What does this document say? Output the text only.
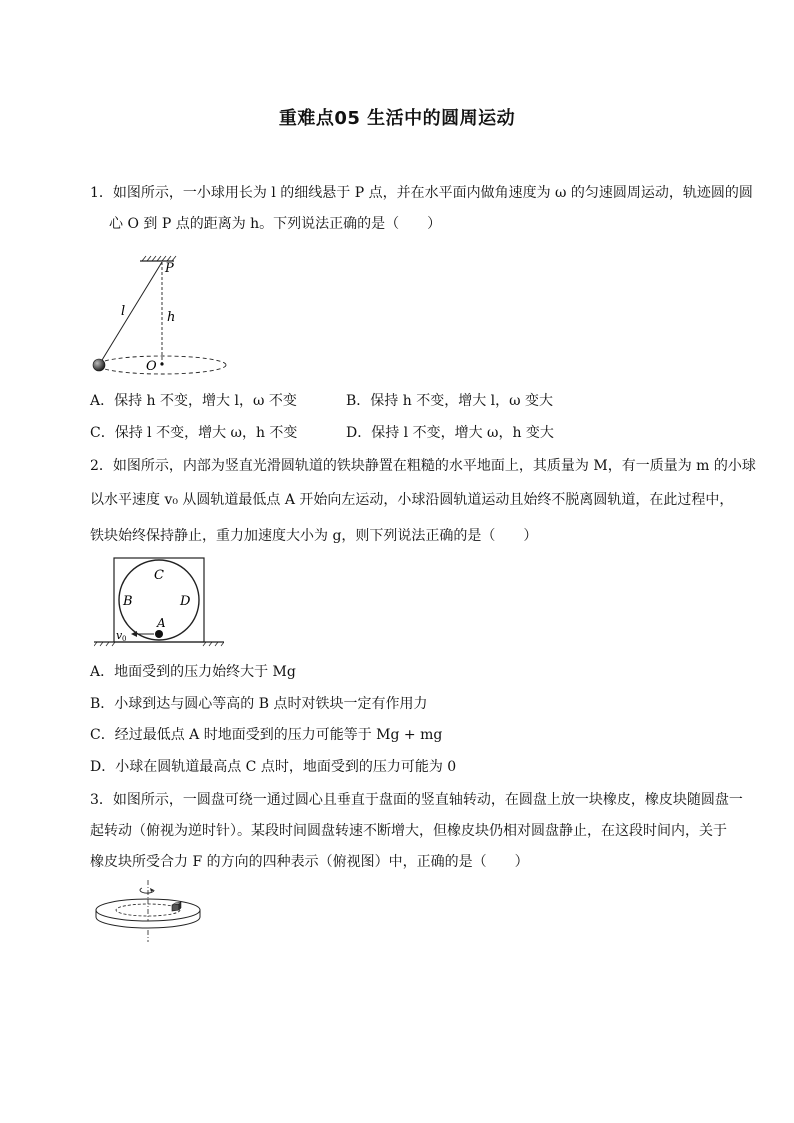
重难点05 生活中的圆周运动
1．如图所示，一小球用长为 l 的细线悬于 P 点，并在水平面内做角速度为 ω 的匀速圆周运动，轨迹圆的圆
心 O 到 P 点的距离为 h。下列说法正确的是（　　）
P
l	h
O
A．保持 h 不变，增大 l，ω 不变	B．保持 h 不变，增大 l，ω 变大
C．保持 l 不变，增大 ω，h 不变	D．保持 l 不变，增大 ω，h 变大
2．如图所示，内部为竖直光滑圆轨道的铁块静置在粗糙的水平地面上，其质量为 M，有一质量为 m 的小球
以水平速度 v₀ 从圆轨道最低点 A 开始向左运动，小球沿圆轨道运动且始终不脱离圆轨道，在此过程中，
铁块始终保持静止，重力加速度大小为 g，则下列说法正确的是（　　）
C
B	D
A
v 0
A．地面受到的压力始终大于 Mg
B．小球到达与圆心等高的 B 点时对铁块一定有作用力
C．经过最低点 A 时地面受到的压力可能等于 Mg + mg
D．小球在圆轨道最高点 C 点时，地面受到的压力可能为 0
3．如图所示，一圆盘可绕一通过圆心且垂直于盘面的竖直轴转动，在圆盘上放一块橡皮，橡皮块随圆盘一
起转动（俯视为逆时针）。某段时间圆盘转速不断增大，但橡皮块仍相对圆盘静止，在这段时间内，关于
橡皮块所受合力 F 的方向的四种表示（俯视图）中，正确的是（　　）
